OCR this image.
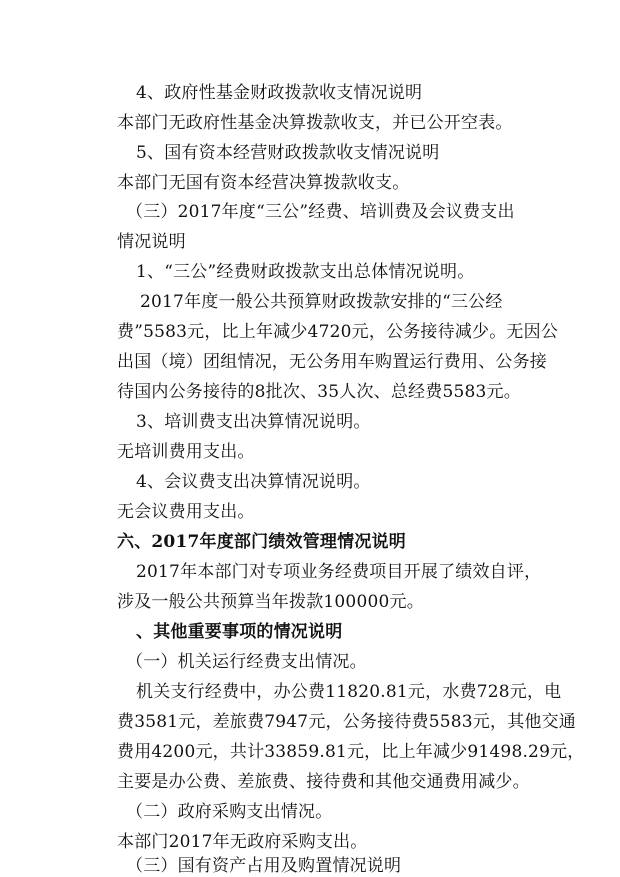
4、政府性基金财政拨款收支情况说明
本部门无政府性基金决算拨款收支，并已公开空表。
5、国有资本经营财政拨款收支情况说明
本部门无国有资本经营决算拨款收支。
（三）2017年度“三公”经费、培训费及会议费支出
情况说明
1、“三公”经费财政拨款支出总体情况说明。
2017年度一般公共预算财政拨款安排的“三公经
费”5583元，比上年减少4720元，公务接待减少。无因公
出国（境）团组情况，无公务用车购置运行费用、公务接
待国内公务接待的8批次、35人次、总经费5583元。
3、培训费支出决算情况说明。
无培训费用支出。
4、会议费支出决算情况说明。
无会议费用支出。
六、2017年度部门绩效管理情况说明
2017年本部门对专项业务经费项目开展了绩效自评，
涉及一般公共预算当年拨款100000元。
、其他重要事项的情况说明
（一）机关运行经费支出情况。
机关支行经费中，办公费11820.81元，水费728元，电
费3581元，差旅费7947元，公务接待费5583元，其他交通
费用4200元，共计33859.81元，比上年减少91498.29元，
主要是办公费、差旅费、接待费和其他交通费用减少。
（二）政府采购支出情况。
本部门2017年无政府采购支出。
（三）国有资产占用及购置情况说明
